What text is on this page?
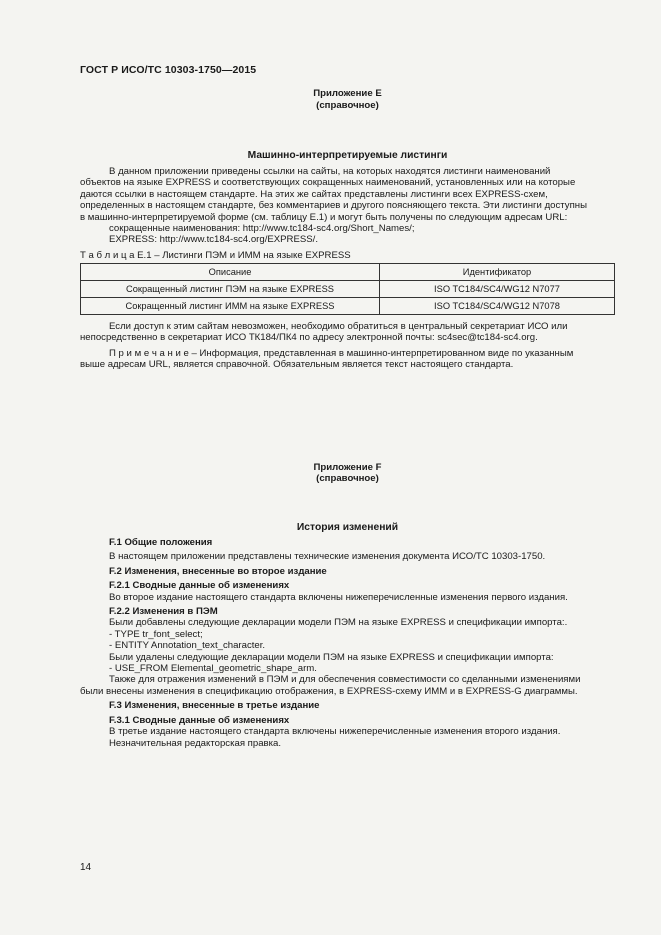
ГОСТ Р ИСО/ТС 10303-1750—2015
Приложение E
(справочное)
Машинно-интерпретируемые листинги
В данном приложении приведены ссылки на сайты, на которых находятся листинги наименований
объектов на языке EXPRESS и соответствующих сокращенных наименований, установленных или на которые
даются ссылки в настоящем стандарте. На этих же сайтах представлены листинги всех EXPRESS-схем,
определенных в настоящем стандарте, без комментариев и другого поясняющего текста. Эти листинги доступны
в машинно-интерпретируемой форме (см. таблицу E.1) и могут быть получены по следующим адресам URL:
сокращенные наименования: http://www.tc184-sc4.org/Short_Names/;
EXPRESS: http://www.tc184-sc4.org/EXPRESS/.
Т а б л и ц а E.1 – Листинги ПЭМ и ИММ на языке EXPRESS
Описание	Идентификатор
Сокращенный листинг ПЭМ на языке EXPRESS	ISO TC184/SC4/WG12 N7077
Сокращенный листинг ИММ на языке EXPRESS	ISO TC184/SC4/WG12 N7078
Если доступ к этим сайтам невозможен, необходимо обратиться в центральный секретариат ИСО или
непосредственно в секретариат ИСО ТК184/ПК4 по адресу электронной почты: sc4sec@tc184-sc4.org.
П р и м е ч а н и е – Информация, представленная в машинно-интерпретированном виде по указанным
выше адресам URL, является справочной. Обязательным является текст настоящего стандарта.
Приложение F
(справочное)
История изменений
F.1 Общие положения
В настоящем приложении представлены технические изменения документа ИСО/ТС 10303-1750.
F.2 Изменения, внесенные во второе издание
F.2.1 Сводные данные об изменениях
Во второе издание настоящего стандарта включены нижеперечисленные изменения первого издания.
F.2.2 Изменения в ПЭМ
Были добавлены следующие декларации модели ПЭМ на языке EXPRESS и спецификации импорта:.
- TYPE tr_font_select;
- ENTITY Annotation_text_character.
Были удалены следующие декларации модели ПЭМ на языке EXPRESS и спецификации импорта:
- USE_FROM Elemental_geometric_shape_arm.
Также для отражения изменений в ПЭМ и для обеспечения совместимости со сделанными изменениями
были внесены изменения в спецификацию отображения, в EXPRESS-схему ИММ и в EXPRESS-G диаграммы.
F.3 Изменения, внесенные в третье издание
F.3.1 Сводные данные об изменениях
В третье издание настоящего стандарта включены нижеперечисленные изменения второго издания.
Незначительная редакторская правка.
14
